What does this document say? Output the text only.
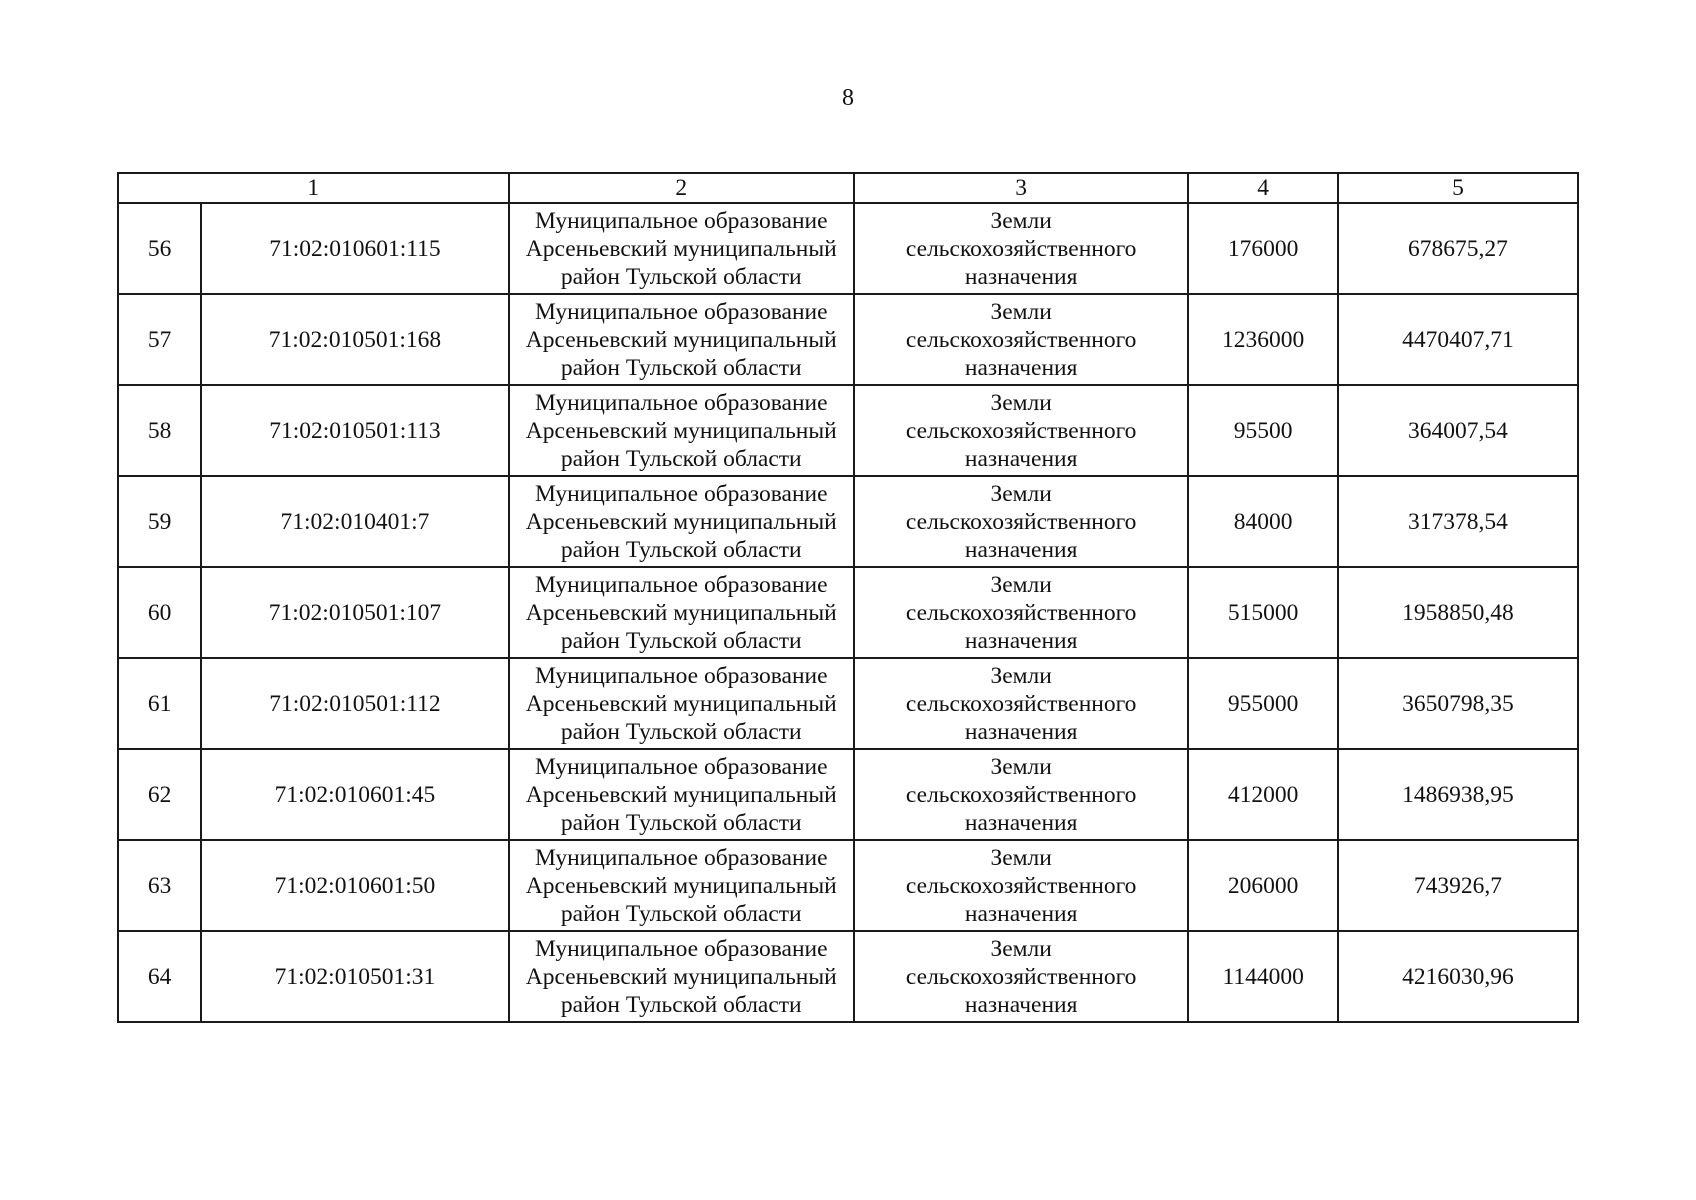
8
1		2	3	4	5
56	71:02:010601:115	Муниципальное образование
Арсеньевский муниципальный
район Тульской области	Земли
сельскохозяйственного
назначения	176000	678675,27
57	71:02:010501:168	Муниципальное образование
Арсеньевский муниципальный
район Тульской области	Земли
сельскохозяйственного
назначения	1236000	4470407,71
58	71:02:010501:113	Муниципальное образование
Арсеньевский муниципальный
район Тульской области	Земли
сельскохозяйственного
назначения	95500	364007,54
59	71:02:010401:7	Муниципальное образование
Арсеньевский муниципальный
район Тульской области	Земли
сельскохозяйственного
назначения	84000	317378,54
60	71:02:010501:107	Муниципальное образование
Арсеньевский муниципальный
район Тульской области	Земли
сельскохозяйственного
назначения	515000	1958850,48
61	71:02:010501:112	Муниципальное образование
Арсеньевский муниципальный
район Тульской области	Земли
сельскохозяйственного
назначения	955000	3650798,35
62	71:02:010601:45	Муниципальное образование
Арсеньевский муниципальный
район Тульской области	Земли
сельскохозяйственного
назначения	412000	1486938,95
63	71:02:010601:50	Муниципальное образование
Арсеньевский муниципальный
район Тульской области	Земли
сельскохозяйственного
назначения	206000	743926,7
64	71:02:010501:31	Муниципальное образование
Арсеньевский муниципальный
район Тульской области	Земли
сельскохозяйственного
назначения	1144000	4216030,96
